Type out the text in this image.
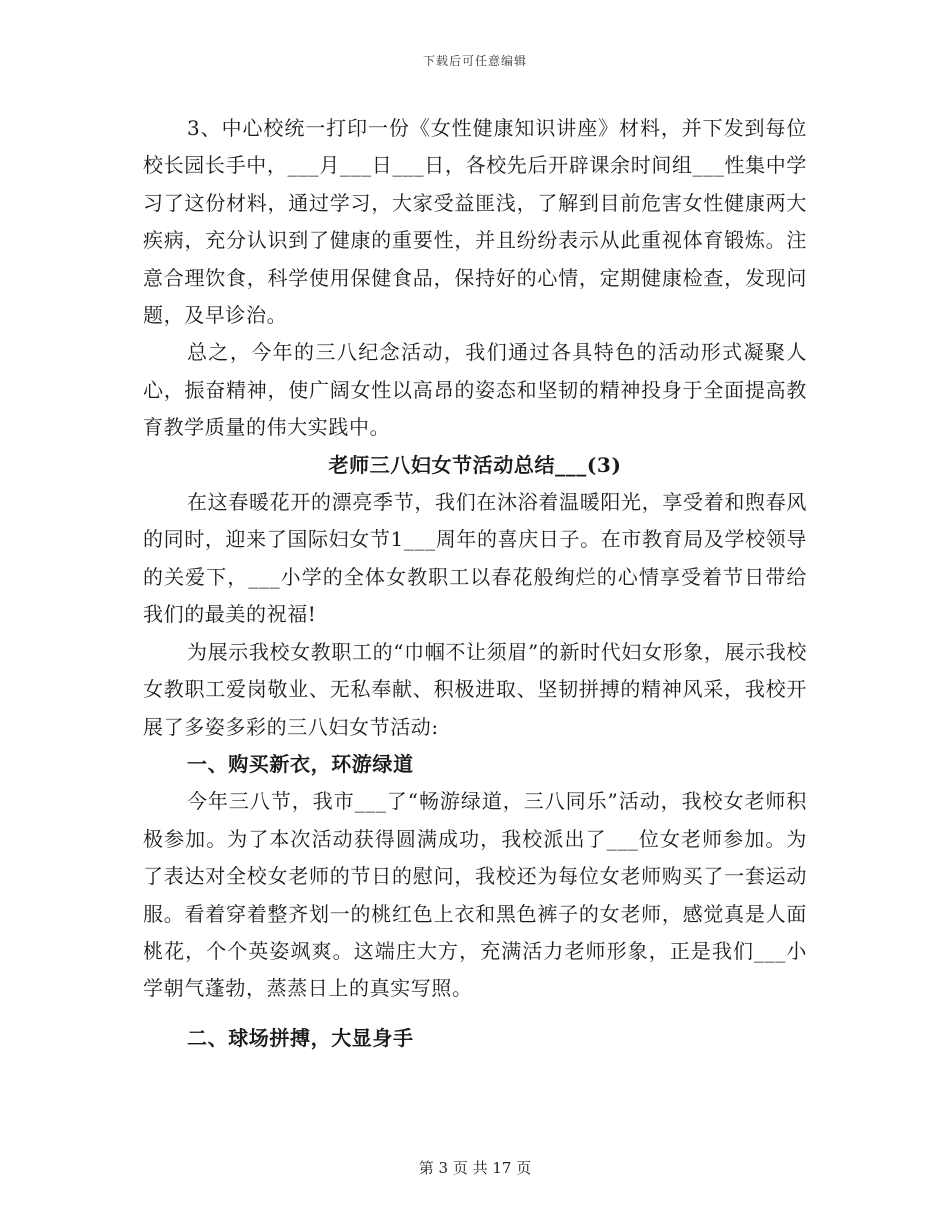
下载后可任意编辑

3、中心校统一打印一份《女性健康知识讲座》材料，并下发到每位校长园长手中，___月___日___日，各校先后开辟课余时间组___性集中学习了这份材料，通过学习，大家受益匪浅，了解到目前危害女性健康两大疾病，充分认识到了健康的重要性，并且纷纷表示从此重视体育锻炼。注意合理饮食，科学使用保健食品，保持好的心情，定期健康检查，发现问题，及早诊治。

总之，今年的三八纪念活动，我们通过各具特色的活动形式凝聚人心，振奋精神，使广阔女性以高昂的姿态和坚韧的精神投身于全面提高教育教学质量的伟大实践中。

老师三八妇女节活动总结___(3)

在这春暖花开的漂亮季节，我们在沐浴着温暖阳光，享受着和煦春风的同时，迎来了国际妇女节1___周年的喜庆日子。在市教育局及学校领导的关爱下，___小学的全体女教职工以春花般绚烂的心情享受着节日带给我们的最美的祝福!

为展示我校女教职工的“巾帼不让须眉”的新时代妇女形象，展示我校女教职工爱岗敬业、无私奉献、积极进取、坚韧拼搏的精神风采，我校开展了多姿多彩的三八妇女节活动:

一、购买新衣，环游绿道

今年三八节，我市___了“畅游绿道，三八同乐”活动，我校女老师积极参加。为了本次活动获得圆满成功，我校派出了___位女老师参加。为了表达对全校女老师的节日的慰问，我校还为每位女老师购买了一套运动服。看着穿着整齐划一的桃红色上衣和黑色裤子的女老师，感觉真是人面桃花，个个英姿飒爽。这端庄大方，充满活力老师形象，正是我们___小学朝气蓬勃，蒸蒸日上的真实写照。

二、球场拼搏，大显身手

第 3 页 共 17 页
